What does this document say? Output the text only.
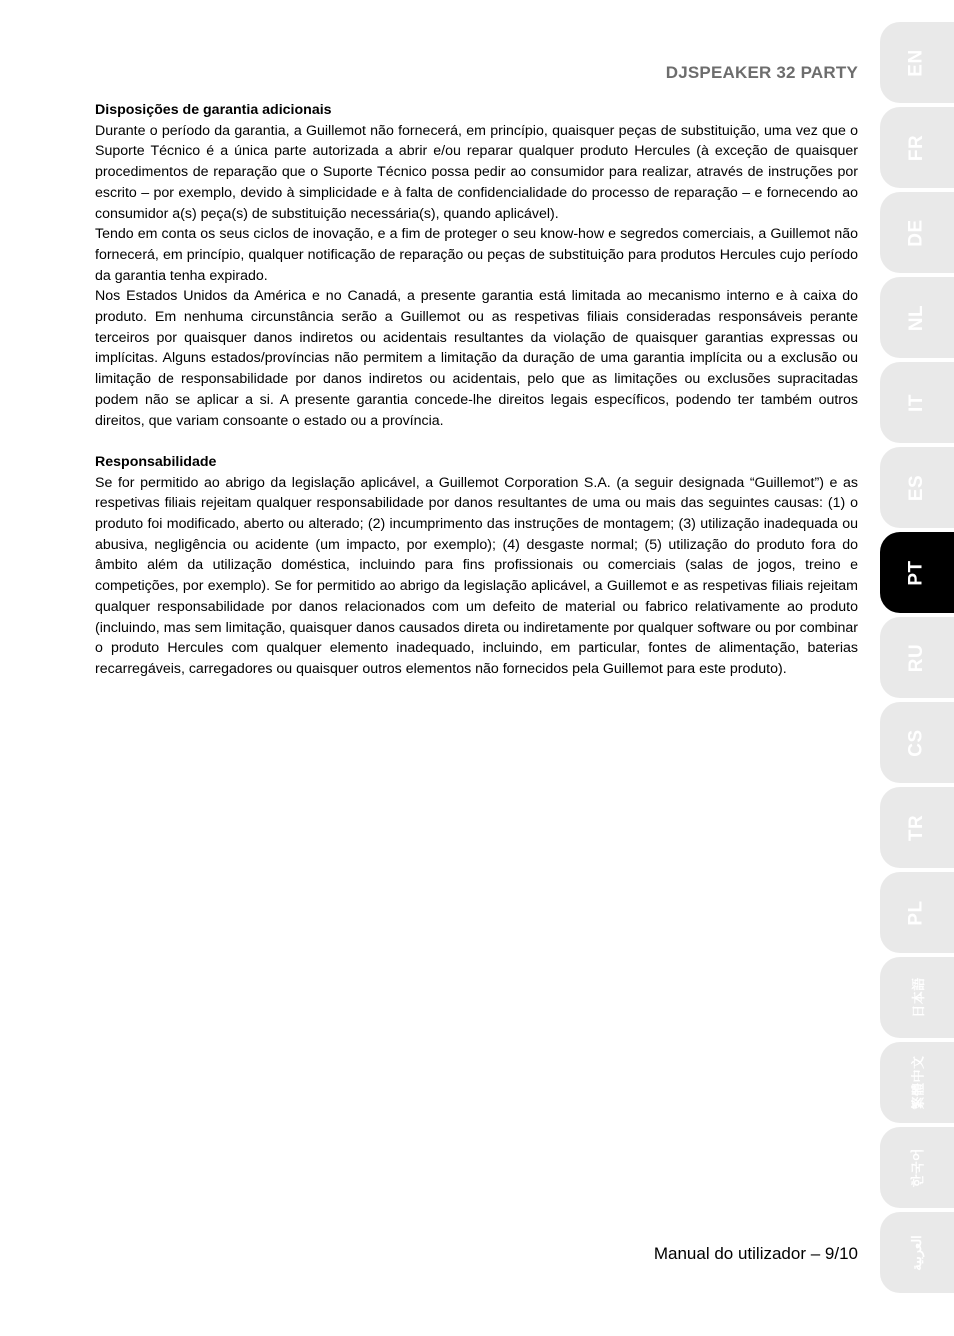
DJSPEAKER 32 PARTY
Disposições de garantia adicionais

Durante o período da garantia, a Guillemot não fornecerá, em princípio, quaisquer peças de substituição, uma vez que o Suporte Técnico é a única parte autorizada a abrir e/ou reparar qualquer produto Hercules (à exceção de quaisquer procedimentos de reparação que o Suporte Técnico possa pedir ao consumidor para realizar, através de instruções por escrito – por exemplo, devido à simplicidade e à falta de confidencialidade do processo de reparação – e fornecendo ao consumidor a(s) peça(s) de substituição necessária(s), quando aplicável).

Tendo em conta os seus ciclos de inovação, e a fim de proteger o seu know-how e segredos comerciais, a Guillemot não fornecerá, em princípio, qualquer notificação de reparação ou peças de substituição para produtos Hercules cujo período da garantia tenha expirado.

Nos Estados Unidos da América e no Canadá, a presente garantia está limitada ao mecanismo interno e à caixa do produto. Em nenhuma circunstância serão a Guillemot ou as respetivas filiais consideradas responsáveis perante terceiros por quaisquer danos indiretos ou acidentais resultantes da violação de quaisquer garantias expressas ou implícitas. Alguns estados/províncias não permitem a limitação da duração de uma garantia implícita ou a exclusão ou limitação de responsabilidade por danos indiretos ou acidentais, pelo que as limitações ou exclusões supracitadas podem não se aplicar a si. A presente garantia concede-lhe direitos legais específicos, podendo ter também outros direitos, que variam consoante o estado ou a província.

Responsabilidade

Se for permitido ao abrigo da legislação aplicável, a Guillemot Corporation S.A. (a seguir designada “Guillemot”) e as respetivas filiais rejeitam qualquer responsabilidade por danos resultantes de uma ou mais das seguintes causas: (1) o produto foi modificado, aberto ou alterado; (2) incumprimento das instruções de montagem; (3) utilização inadequada ou abusiva, negligência ou acidente (um impacto, por exemplo); (4) desgaste normal; (5) utilização do produto fora do âmbito além da utilização doméstica, incluindo para fins profissionais ou comerciais (salas de jogos, treino e competições, por exemplo). Se for permitido ao abrigo da legislação aplicável, a Guillemot e as respetivas filiais rejeitam qualquer responsabilidade por danos relacionados com um defeito de material ou fabrico relativamente ao produto (incluindo, mas sem limitação, quaisquer danos causados direta ou indiretamente por qualquer software ou por combinar o produto Hercules com qualquer elemento inadequado, incluindo, em particular, fontes de alimentação, baterias recarregáveis, carregadores ou quaisquer outros elementos não fornecidos pela Guillemot para este produto).

Manual do utilizador – 9/10
EN
FR
DE
NL
IT
ES
PT
RU
CS
TR
PL
日本語
繁體中文
한국어
العربية
